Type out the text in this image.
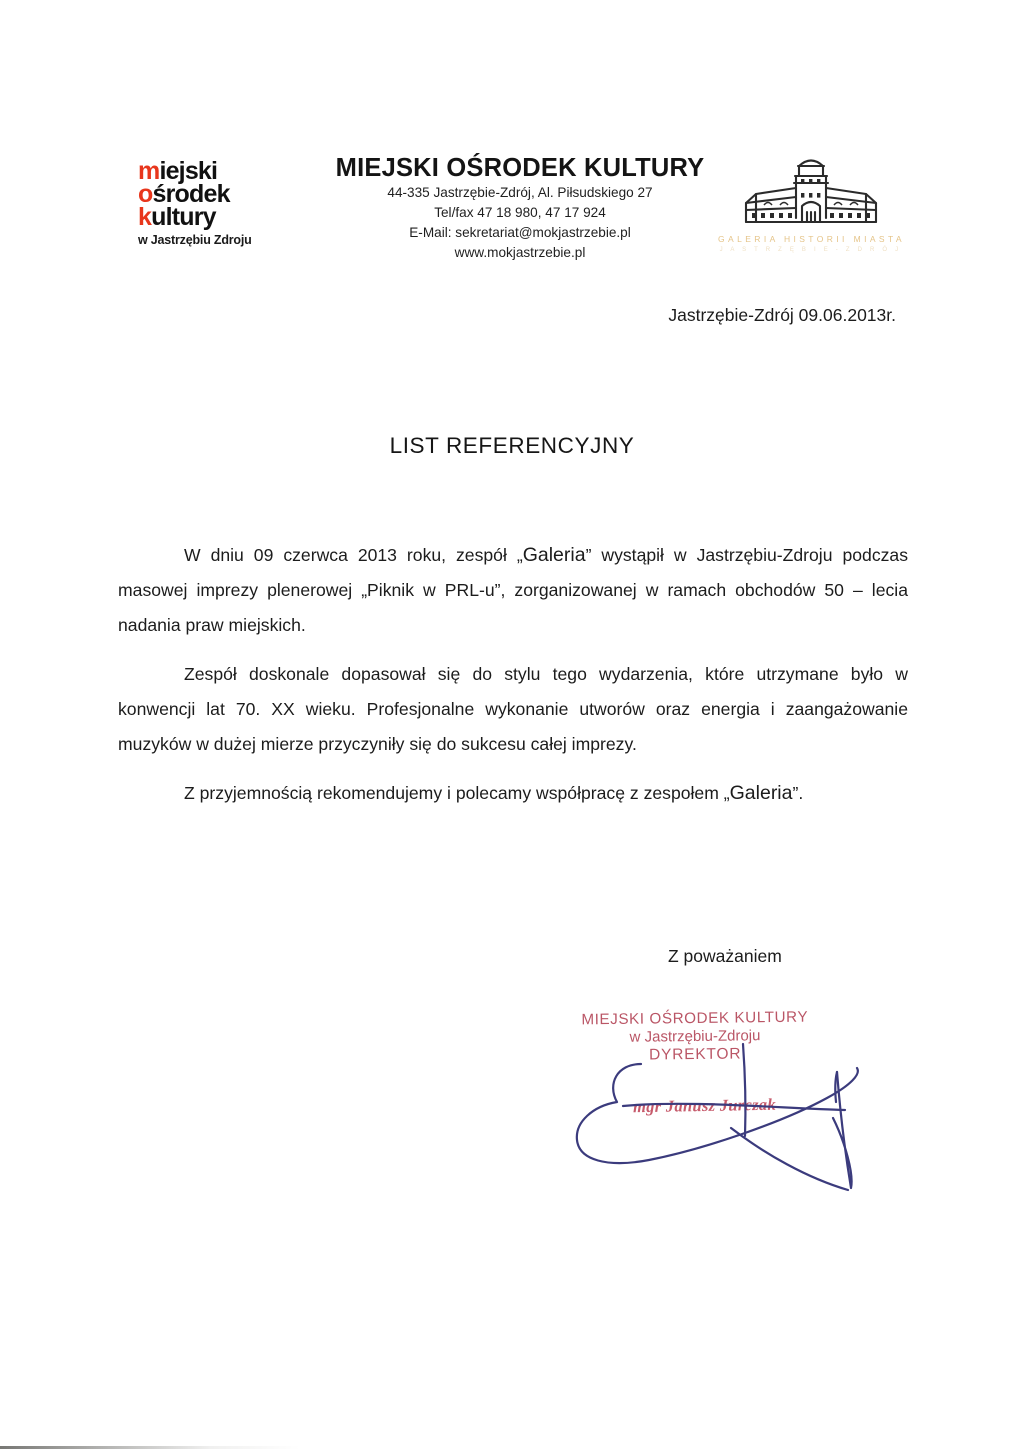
miejski
ośrodek
kultury
w Jastrzębiu Zdroju
MIEJSKI OŚRODEK KULTURY
44-335 Jastrzębie-Zdrój, Al. Piłsudskiego 27
Tel/fax 47 18 980, 47 17 924
E-Mail: sekretariat@mokjastrzebie.pl
www.mokjastrzebie.pl
GALERIA HISTORII MIASTA
J A S T R Z Ę B I E - Z D R Ó J
Jastrzębie-Zdrój 09.06.2013r.
LIST REFERENCYJNY

W dniu 09 czerwca 2013 roku, zespół „Galeria” wystąpił w Jastrzębiu-Zdroju podczas masowej imprezy plenerowej „Piknik w PRL-u”, zorganizowanej w ramach obchodów 50 – lecia nadania praw miejskich.

Zespół doskonale dopasował się do stylu tego wydarzenia, które utrzymane było w konwencji lat 70. XX wieku. Profesjonalne wykonanie utworów oraz energia i zaangażowanie muzyków w dużej mierze przyczyniły się do sukcesu całej imprezy.

Z przyjemnością rekomendujemy i polecamy współpracę z zespołem „Galeria”.

Z poważaniem
MIEJSKI OŚRODEK KULTURY
w Jastrzębiu-Zdroju
DYREKTOR
mgr Janusz Jurczak
